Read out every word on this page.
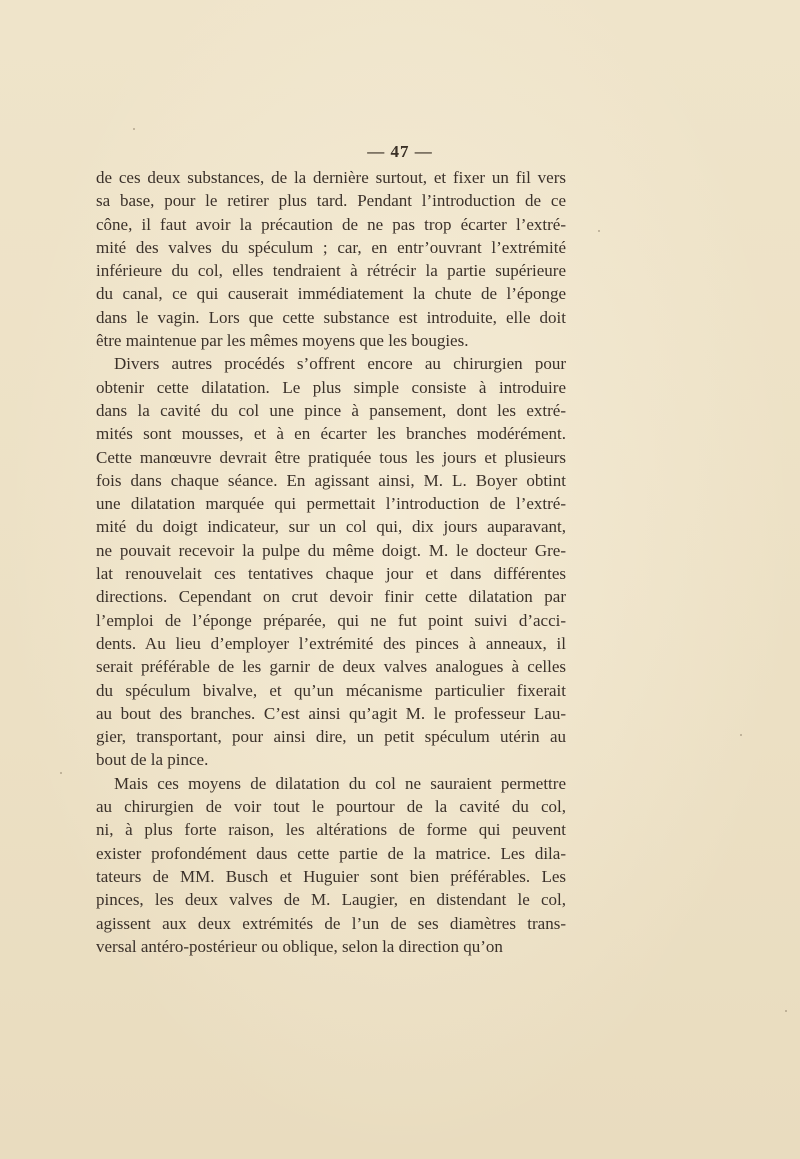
— 47 —
de ces deux substances, de la dernière surtout, et fixer un fil vers
sa base, pour le retirer plus tard. Pendant l’introduction de ce
cône, il faut avoir la précaution de ne pas trop écarter l’extré-
mité des valves du spéculum ; car, en entr’ouvrant l’extrémité
inférieure du col, elles tendraient à rétrécir la partie supérieure
du canal, ce qui causerait immédiatement la chute de l’éponge
dans le vagin. Lors que cette substance est introduite, elle doit
être maintenue par les mêmes moyens que les bougies.
Divers autres procédés s’offrent encore au chirurgien pour
obtenir cette dilatation. Le plus simple consiste à introduire
dans la cavité du col une pince à pansement, dont les extré-
mités sont mousses, et à en écarter les branches modérément.
Cette manœuvre devrait être pratiquée tous les jours et plusieurs
fois dans chaque séance. En agissant ainsi, M. L. Boyer obtint
une dilatation marquée qui permettait l’introduction de l’extré-
mité du doigt indicateur, sur un col qui, dix jours auparavant,
ne pouvait recevoir la pulpe du même doigt. M. le docteur Gre-
lat renouvelait ces tentatives chaque jour et dans différentes
directions. Cependant on crut devoir finir cette dilatation par
l’emploi de l’éponge préparée, qui ne fut point suivi d’acci-
dents. Au lieu d’employer l’extrémité des pinces à anneaux, il
serait préférable de les garnir de deux valves analogues à celles
du spéculum bivalve, et qu’un mécanisme particulier fixerait
au bout des branches. C’est ainsi qu’agit M. le professeur Lau-
gier, transportant, pour ainsi dire, un petit spéculum utérin au
bout de la pince.
Mais ces moyens de dilatation du col ne sauraient permettre
au chirurgien de voir tout le pourtour de la cavité du col,
ni, à plus forte raison, les altérations de forme qui peuvent
exister profondément daus cette partie de la matrice. Les dila-
tateurs de MM. Busch et Huguier sont bien préférables. Les
pinces, les deux valves de M. Laugier, en distendant le col,
agissent aux deux extrémités de l’un de ses diamètres trans-
versal antéro-postérieur ou oblique, selon la direction qu’on
